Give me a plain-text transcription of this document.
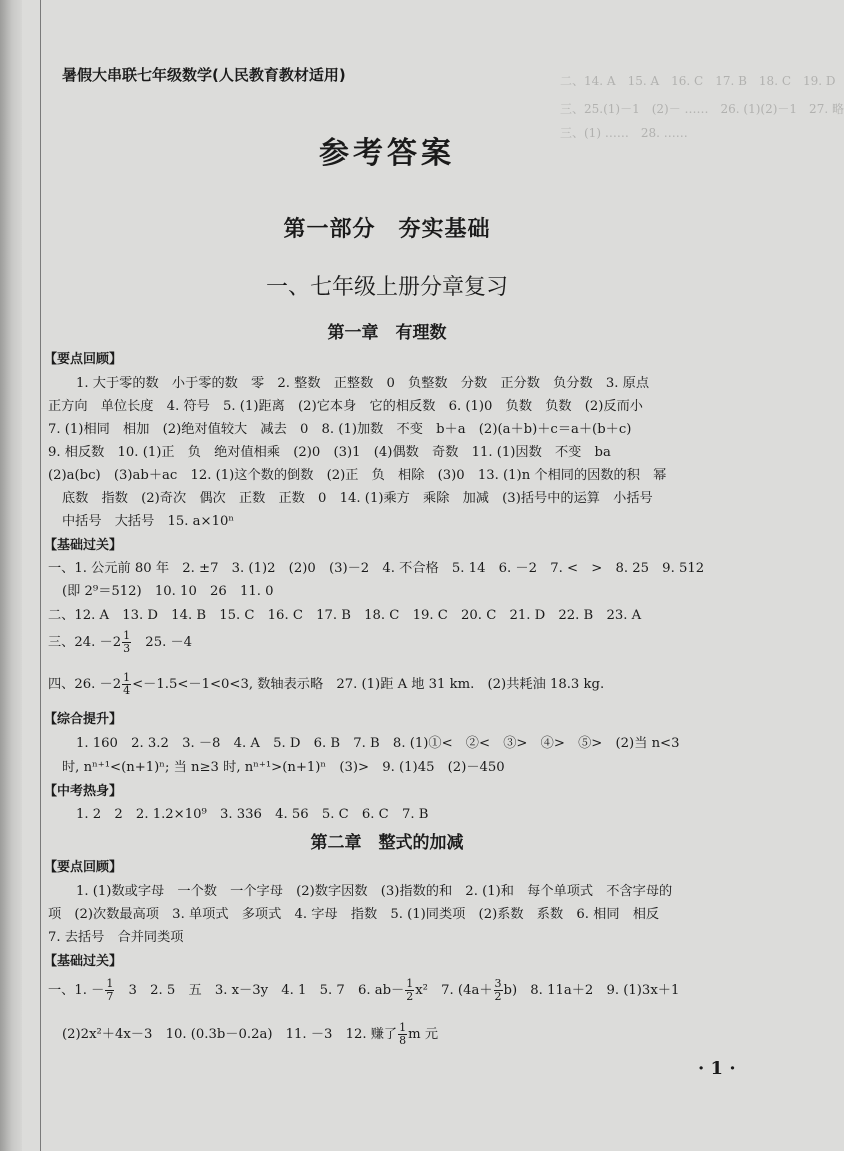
二、14. A　15. A　16. C　17. B　18. C　19. D
三、25.(1)－1　(2)－ ……　26. (1)(2)－1　27. 略
三、(1) ……　28. ……
暑假大串联七年级数学(人民教育教材适用)
参考答案
第一部分　夯实基础
一、七年级上册分章复习
第一章　有理数
【要点回顾】
1. 大于零的数　小于零的数　零　2. 整数　正整数　0　负整数　分数　正分数　负分数　3. 原点
正方向　单位长度　4. 符号　5. (1)距离　(2)它本身　它的相反数　6. (1)0　负数　负数　(2)反而小
7. (1)相同　相加　(2)绝对值较大　减去　0　8. (1)加数　不变　b＋a　(2)(a＋b)＋c＝a＋(b＋c)
9. 相反数　10. (1)正　负　绝对值相乘　(2)0　(3)1　(4)偶数　奇数　11. (1)因数　不变　ba
(2)a(bc)　(3)ab＋ac　12. (1)这个数的倒数　(2)正　负　相除　(3)0　13. (1)n 个相同的因数的积　幂
底数　指数　(2)奇次　偶次　正数　正数　0　14. (1)乘方　乘除　加减　(3)括号中的运算　小括号
中括号　大括号　15. a×10ⁿ
【基础过关】
一、1. 公元前 80 年　2. ±7　3. (1)2　(2)0　(3)－2　4. 不合格　5. 14　6. －2　7. <　>　8. 25　9. 512
(即 2⁹＝512)　10. 10　26　11. 0
二、12. A　13. D　14. B　15. C　16. C　17. B　18. C　19. C　20. C　21. D　22. B　23. A
三、24. $-2 \frac{1}{3}$ 　25. －4
四、26. $-2 \frac{1}{4} <-1.5<-1<0<3$, 数轴表示略　27. (1)距 A 地 31 km.　(2)共耗油 18.3 kg.
【综合提升】
1. 160　2. 3.2　3. －8　4. A　5. D　6. B　7. B　8. (1)①<　②<　③>　④>　⑤>　(2)当 n<3
时, nⁿ⁺¹<(n+1)ⁿ; 当 n≥3 时, nⁿ⁺¹>(n+1)ⁿ　(3)>　9. (1)45　(2)－450
【中考热身】
1. 2　2　2. 1.2×10⁹　3. 336　4. 56　5. C　6. C　7. B
第二章　整式的加减
【要点回顾】
1. (1)数或字母　一个数　一个字母　(2)数字因数　(3)指数的和　2. (1)和　每个单项式　不含字母的
项　(2)次数最高项　3. 单项式　多项式　4. 字母　指数　5. (1)同类项　(2)系数　系数　6. 相同　相反
7. 去括号　合并同类项
【基础过关】
一、1. － $\frac{1}{7}$ 　3　2. 5　五　3. x－3y　4. 1　5. 7　6. $ab- \frac{1}{2} x^2$　7. $(4a+ \frac{3}{2} b)$　8. 11a＋2　9. (1)3x＋1
(2)2x²＋4x－3　10. (0.3b－0.2a)　11. －3　12. 赚了 $\frac{1}{8}$ m 元
· 1 ·
